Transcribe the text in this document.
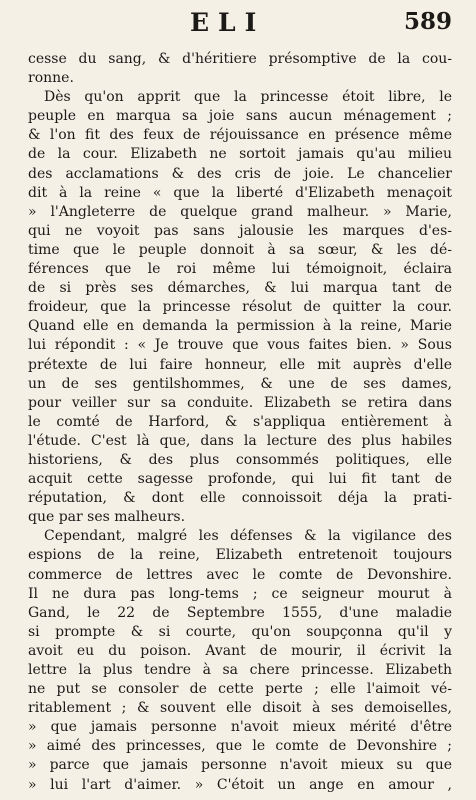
ELI	589
cesse du sang, & d'héritiere présomptive de la cou-
ronne.
Dès qu'on apprit que la princesse étoit libre, le
peuple en marqua sa joie sans aucun ménagement ;
& l'on fit des feux de réjouissance en présence même
de la cour. Elizabeth ne sortoit jamais qu'au milieu
des acclamations & des cris de joie. Le chancelier
dit à la reine « que la liberté d'Elizabeth menaçoit
» l'Angleterre de quelque grand malheur. » Marie,
qui ne voyoit pas sans jalousie les marques d'es-
time que le peuple donnoit à sa sœur, & les dé-
férences que le roi même lui témoignoit, éclaira
de si près ses démarches, & lui marqua tant de
froideur, que la princesse résolut de quitter la cour.
Quand elle en demanda la permission à la reine, Marie
lui répondit : « Je trouve que vous faites bien. » Sous
prétexte de lui faire honneur, elle mit auprès d'elle
un de ses gentilshommes, & une de ses dames,
pour veiller sur sa conduite. Elizabeth se retira dans
le comté de Harford, & s'appliqua entièrement à
l'étude. C'est là que, dans la lecture des plus habiles
historiens, & des plus consommés politiques, elle
acquit cette sagesse profonde, qui lui fit tant de
réputation, & dont elle connoissoit déja la prati-
que par ses malheurs.
Cependant, malgré les défenses & la vigilance des
espions de la reine, Elizabeth entretenoit toujours
commerce de lettres avec le comte de Devonshire.
Il ne dura pas long-tems ; ce seigneur mourut à
Gand, le 22 de Septembre 1555, d'une maladie
si prompte & si courte, qu'on soupçonna qu'il y
avoit eu du poison. Avant de mourir, il écrivit la
lettre la plus tendre à sa chere princesse. Elizabeth
ne put se consoler de cette perte ; elle l'aimoit vé-
ritablement ; & souvent elle disoit à ses demoiselles,
» que jamais personne n'avoit mieux mérité d'être
» aimé des princesses, que le comte de Devonshire ;
» parce que jamais personne n'avoit mieux su que
» lui l'art d'aimer. » C'étoit un ange en amour ,
